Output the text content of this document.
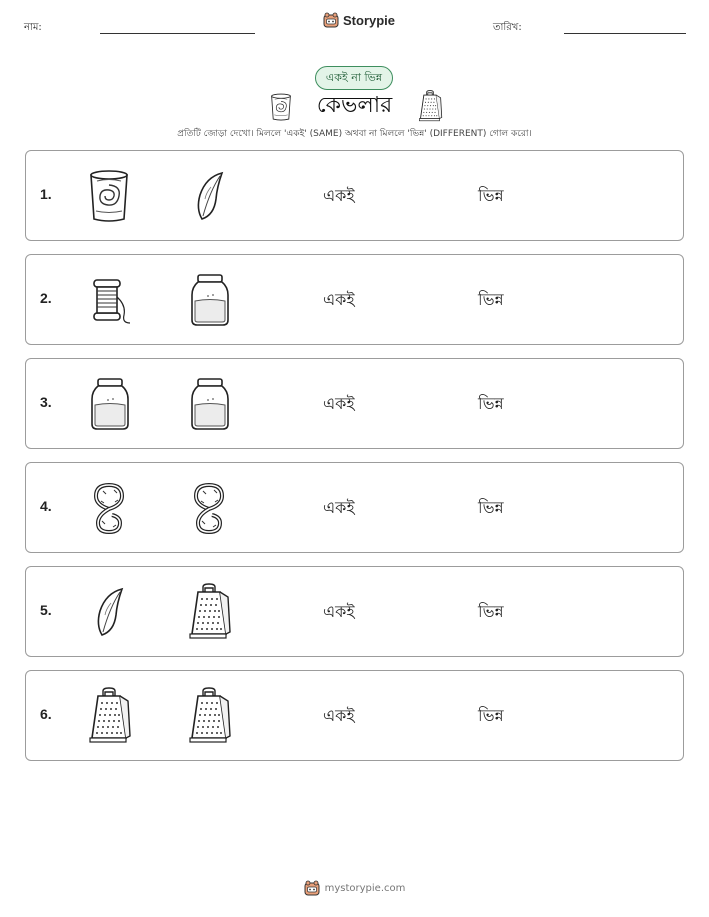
নাম:	Storypie	তারিখ:
একই না ভিন্ন
কেভলার
প্রতিটি জোড়া দেখো। মিললে 'একই' (SAME) অথবা না মিললে 'ভিন্ন' (DIFFERENT) গোল করো।
1.	একই	ভিন্ন
2.	একই	ভিন্ন
3.	একই	ভিন্ন
4.	একই	ভিন্ন
5.	একই	ভিন্ন
6.	একই	ভিন্ন
mystorypie.com
